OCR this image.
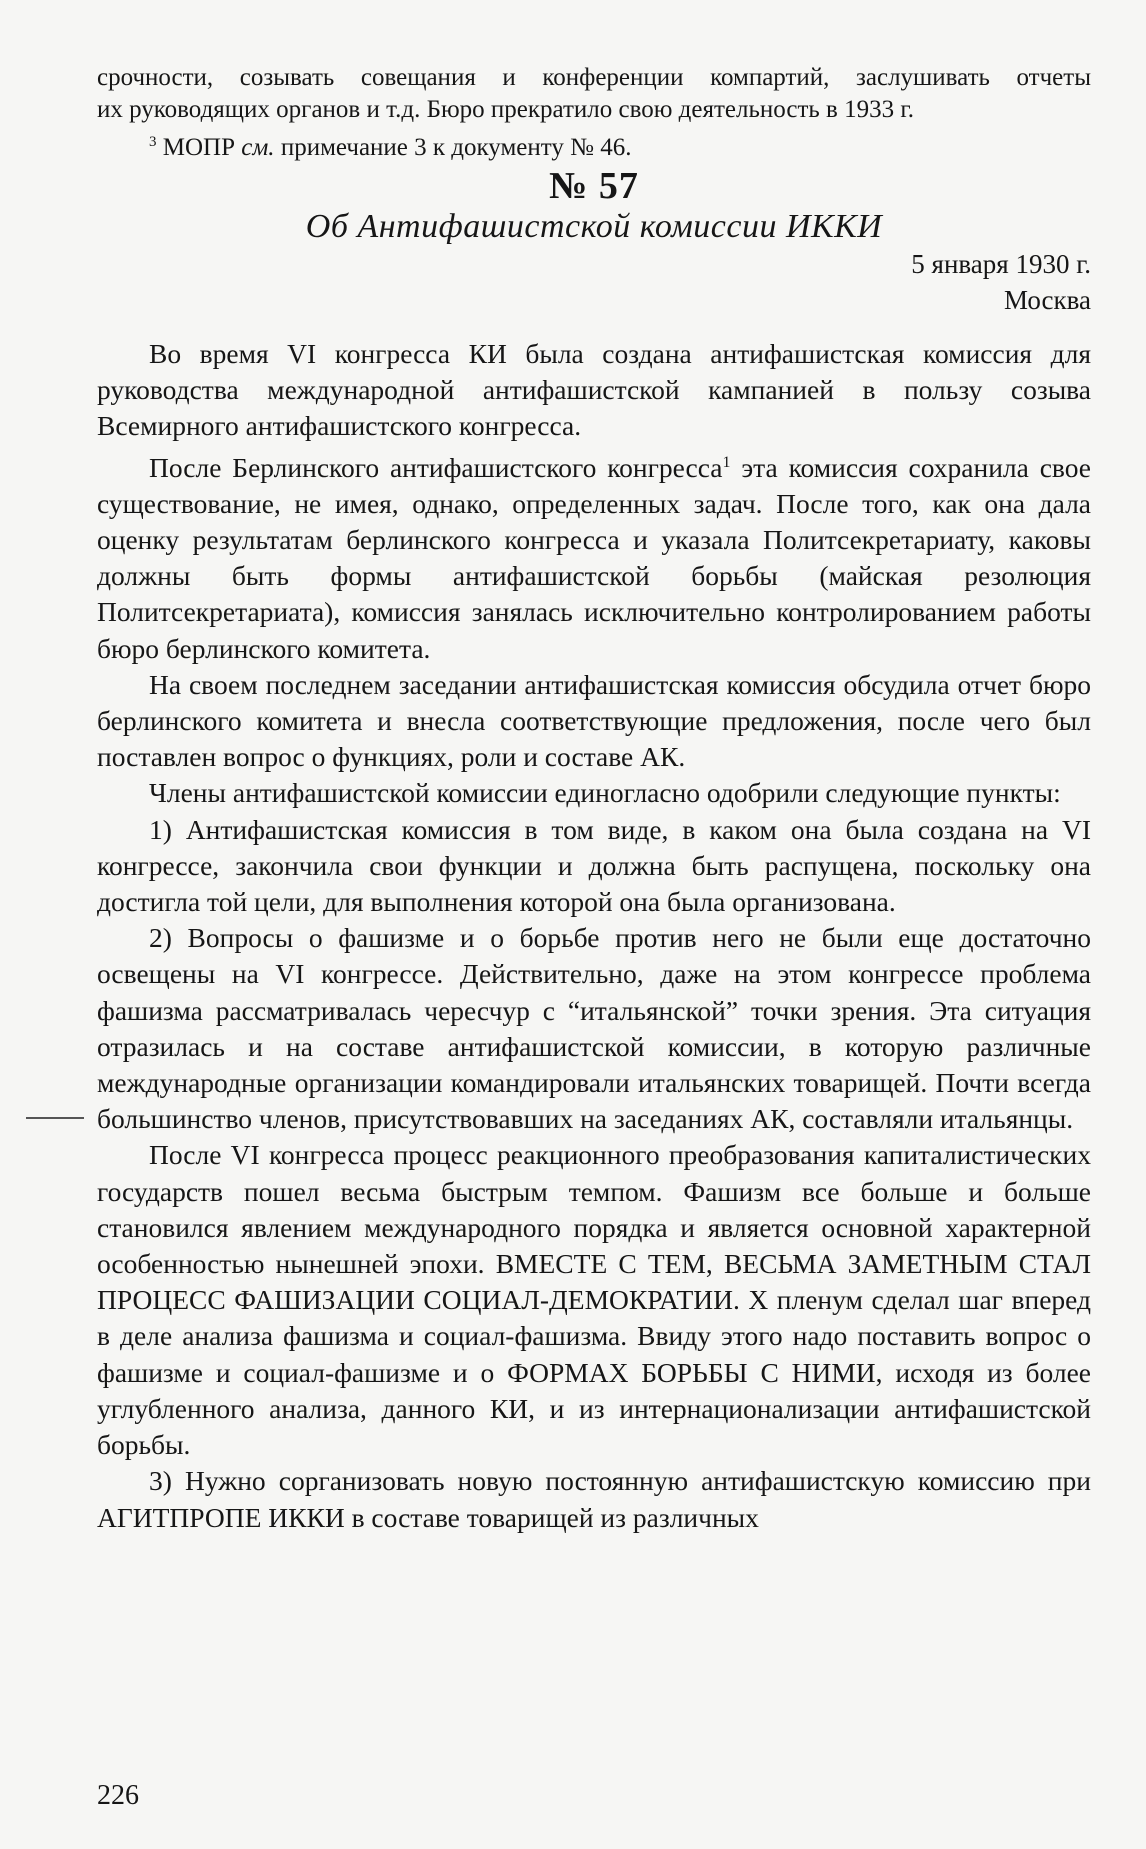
срочности, созывать совещания и конференции компартий, заслушивать отчеты

их руководящих органов и т.д. Бюро прекратило свою деятельность в 1933 г.

$^3$ МОПР см. примечание 3 к документу № 46.

№ 57

Об Антифашистской комиссии ИККИ

5 января 1930 г.

Москва

Во время VI конгресса КИ была создана антифашистская комиссия для руководства международной антифашистской кампанией в пользу созыва Всемирного антифашистского конгресса.

После Берлинского антифашистского конгресса$^1$ эта комиссия сохранила свое существование, не имея, однако, определенных задач. После того, как она дала оценку результатам берлинского конгресса и указала Политсекретариату, каковы должны быть формы антифашистской борьбы (майская резолюция Политсекретариата), комиссия занялась исключительно контролированием работы бюро берлинского комитета.

На своем последнем заседании антифашистская комиссия обсудила отчет бюро берлинского комитета и внесла соответствующие предложения, после чего был поставлен вопрос о функциях, роли и составе АК.

Члены антифашистской комиссии единогласно одобрили следующие пункты:

1) Антифашистская комиссия в том виде, в каком она была создана на VI конгрессе, закончила свои функции и должна быть распущена, поскольку она достигла той цели, для выполнения которой она была организована.

2) Вопросы о фашизме и о борьбе против него не были еще достаточно освещены на VI конгрессе. Действительно, даже на этом конгрессе проблема фашизма рассматривалась чересчур с “итальянской” точки зрения. Эта ситуация отразилась и на составе антифашистской комиссии, в которую различные международные организации командировали итальянских товарищей. Почти всегда большинство членов, присутствовавших на заседаниях АК, составляли итальянцы.

После VI конгресса процесс реакционного преобразования капиталистических государств пошел весьма быстрым темпом. Фашизм все больше и больше становился явлением международного порядка и является основной характерной особенностью нынешней эпохи. ВМЕСТЕ С ТЕМ, ВЕСЬМА ЗАМЕТНЫМ СТАЛ ПРОЦЕСС ФАШИЗАЦИИ СОЦИАЛ-ДЕМОКРАТИИ. X пленум сделал шаг вперед в деле анализа фашизма и социал-фашизма. Ввиду этого надо поставить вопрос о фашизме и социал-фашизме и о ФОРМАХ БОРЬБЫ С НИМИ, исходя из более углубленного анализа, данного КИ, и из интернационализации антифашистской борьбы.

3) Нужно сорганизовать новую постоянную антифашистскую комиссию при АГИТПРОПЕ ИККИ в составе товарищей из различных

226
